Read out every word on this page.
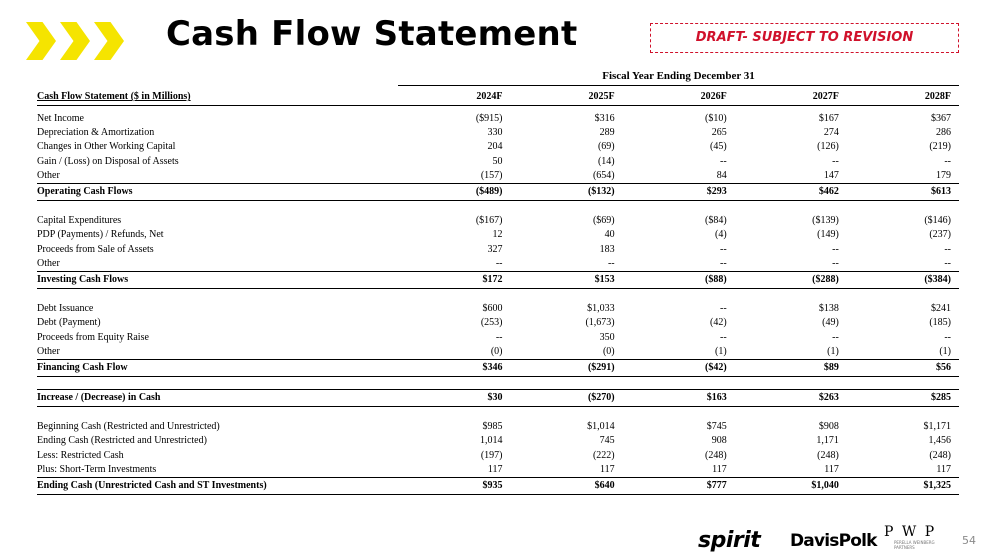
Cash Flow Statement	DRAFT- SUBJECT TO REVISION
Fiscal Year Ending December 31
Cash Flow Statement ($ in Millions)	2024F	2025F	2026F	2027F	2028F
Net Income	($915)	$316	($10)	$167	$367
Depreciation & Amortization	330	289	265	274	286
Changes in Other Working Capital	204	(69)	(45)	(126)	(219)
Gain / (Loss) on Disposal of Assets	50	(14)	--	--	--
Other	(157)	(654)	84	147	179
Operating Cash Flows	($489)	($132)	$293	$462	$613

Capital Expenditures	($167)	($69)	($84)	($139)	($146)
PDP (Payments) / Refunds, Net	12	40	(4)	(149)	(237)
Proceeds from Sale of Assets	327	183	--	--	--
Other	--	--	--	--	--
Investing Cash Flows	$172	$153	($88)	($288)	($384)

Debt Issuance	$600	$1,033	--	$138	$241
Debt (Payment)	(253)	(1,673)	(42)	(49)	(185)
Proceeds from Equity Raise	--	350	--	--	--
Other	(0)	(0)	(1)	(1)	(1)
Financing Cash Flow	$346	($291)	($42)	$89	$56

Increase / (Decrease) in Cash	$30	($270)	$163	$263	$285

Beginning Cash (Restricted and Unrestricted)	$985	$1,014	$745	$908	$1,171
Ending Cash (Restricted and Unrestricted)	1,014	745	908	1,171	1,456
Less: Restricted Cash	(197)	(222)	(248)	(248)	(248)
Plus: Short-Term Investments	117	117	117	117	117
Ending Cash (Unrestricted Cash and ST Investments)	$935	$640	$777	$1,040	$1,325
spirit DavisPolk P W P
PERELLA WEINBERG PARTNERS
54
